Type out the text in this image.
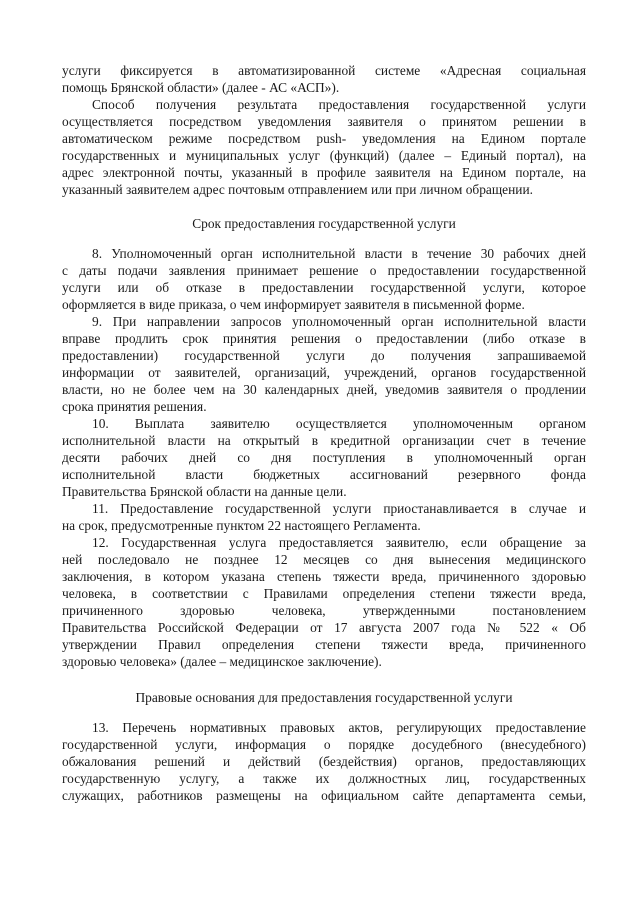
услуги фиксируется в автоматизированной системе «Адресная социальная
помощь Брянской области» (далее - АС «АСП»).
Способ получения результата предоставления государственной услуги
осуществляется посредством уведомления заявителя о принятом решении в
автоматическом режиме посредством push- уведомления на Едином портале
государственных и муниципальных услуг (функций) (далее – Единый портал), на
адрес электронной почты, указанный в профиле заявителя на Едином портале, на
указанный заявителем адрес почтовым отправлением или при личном обращении.
Срок предоставления государственной услуги
8. Уполномоченный орган исполнительной власти в течение 30 рабочих дней
с даты подачи заявления принимает решение о предоставлении государственной
услуги или об отказе в предоставлении государственной услуги, которое
оформляется в виде приказа, о чем информирует заявителя в письменной форме.
9. При направлении запросов уполномоченный орган исполнительной власти
вправе продлить срок принятия решения о предоставлении (либо отказе в
предоставлении) государственной услуги до получения запрашиваемой
информации от заявителей, организаций, учреждений, органов государственной
власти, но не более чем на 30 календарных дней, уведомив заявителя о продлении
срока принятия решения.
10. Выплата заявителю осуществляется уполномоченным органом
исполнительной власти на открытый в кредитной организации счет в течение
десяти рабочих дней со дня поступления в уполномоченный орган
исполнительной власти бюджетных ассигнований резервного фонда
Правительства Брянской области на данные цели.
11. Предоставление государственной услуги приостанавливается в случае и
на срок, предусмотренные пунктом 22 настоящего Регламента.
12. Государственная услуга предоставляется заявителю, если обращение за
ней последовало не позднее 12 месяцев со дня вынесения медицинского
заключения, в котором указана степень тяжести вреда, причиненного здоровью
человека, в соответствии с Правилами определения степени тяжести вреда,
причиненного здоровью человека, утвержденными постановлением
Правительства Российской Федерации от 17 августа 2007 года № 522 « Об
утверждении Правил определения степени тяжести вреда, причиненного
здоровью человека» (далее – медицинское заключение).
Правовые основания для предоставления государственной услуги
13. Перечень нормативных правовых актов, регулирующих предоставление
государственной услуги, информация о порядке досудебного (внесудебного)
обжалования решений и действий (бездействия) органов, предоставляющих
государственную услугу, а также их должностных лиц, государственных
служащих, работников размещены на официальном сайте департамента семьи,
